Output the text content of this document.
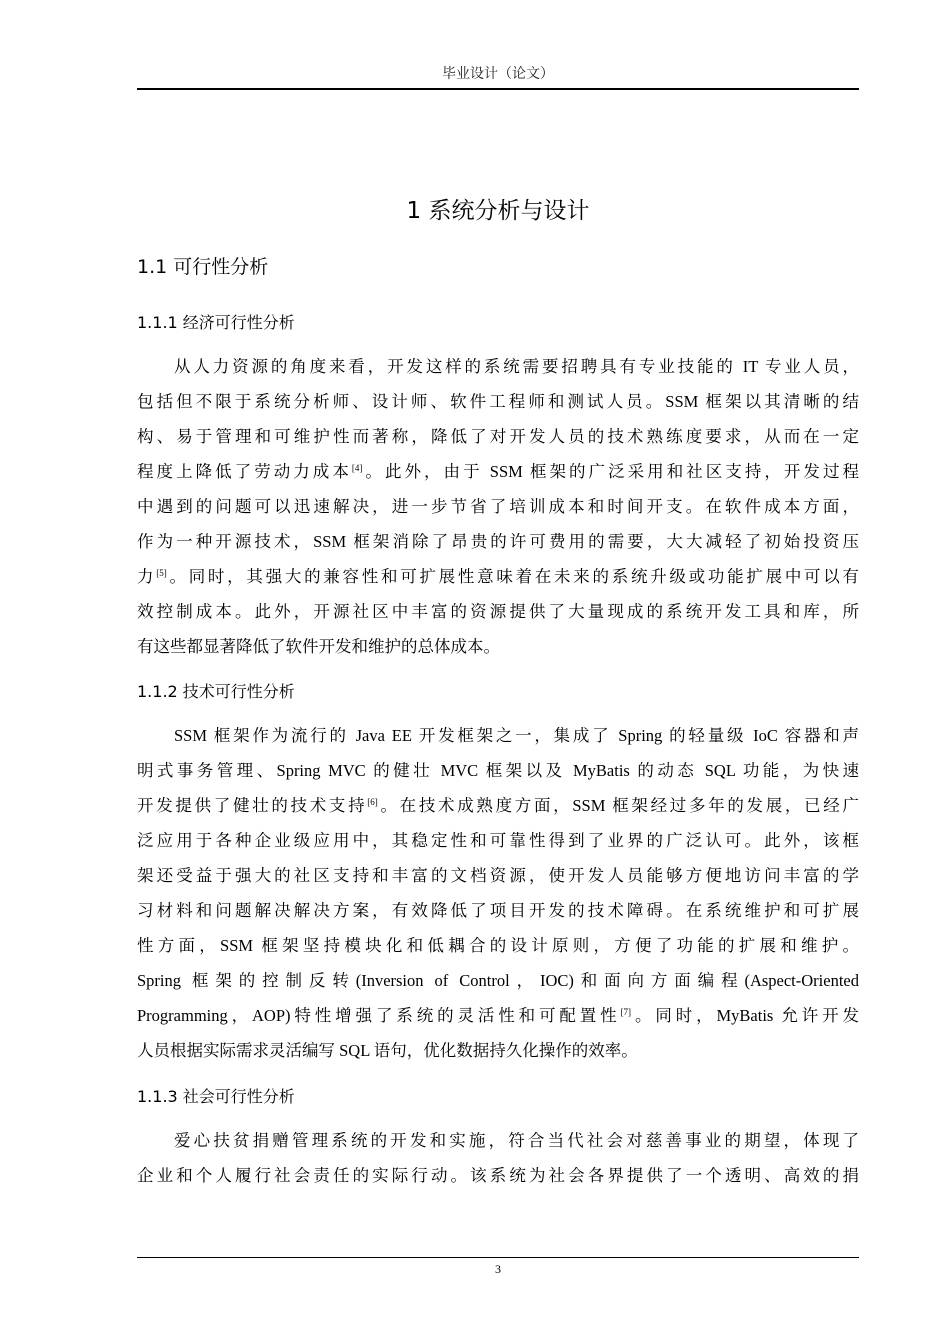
毕业设计（论文）
1 系统分析与设计
1.1 可行性分析
1.1.1 经济可行性分析
从人力资源的角度来看，开发这样的系统需要招聘具有专业技能的 IT 专业人员，
包括但不限于系统分析师、设计师、软件工程师和测试人员。SSM 框架以其清晰的结
构、易于管理和可维护性而著称，降低了对开发人员的技术熟练度要求，从而在一定
程度上降低了劳动力成本[4]。此外，由于 SSM 框架的广泛采用和社区支持，开发过程
中遇到的问题可以迅速解决，进一步节省了培训成本和时间开支。在软件成本方面，
作为一种开源技术，SSM 框架消除了昂贵的许可费用的需要，大大减轻了初始投资压
力[5]。同时，其强大的兼容性和可扩展性意味着在未来的系统升级或功能扩展中可以有
效控制成本。此外，开源社区中丰富的资源提供了大量现成的系统开发工具和库，所
有这些都显著降低了软件开发和维护的总体成本。
1.1.2 技术可行性分析
SSM 框架作为流行的 Java EE 开发框架之一，集成了 Spring 的轻量级 IoC 容器和声
明式事务管理、Spring MVC 的健壮 MVC 框架以及 MyBatis 的动态 SQL 功能，为快速
开发提供了健壮的技术支持[6]。在技术成熟度方面，SSM 框架经过多年的发展，已经广
泛应用于各种企业级应用中，其稳定性和可靠性得到了业界的广泛认可。此外，该框
架还受益于强大的社区支持和丰富的文档资源，使开发人员能够方便地访问丰富的学
习材料和问题解决解决方案，有效降低了项目开发的技术障碍。在系统维护和可扩展
性方面，SSM 框架坚持模块化和低耦合的设计原则，方便了功能的扩展和维护。
Spring 框架的控制反转(Inversion of Control，IOC)和面向方面编程(Aspect-Oriented
Programming，AOP)特性增强了系统的灵活性和可配置性[7]。同时，MyBatis 允许开发
人员根据实际需求灵活编写 SQL 语句，优化数据持久化操作的效率。
1.1.3 社会可行性分析
爱心扶贫捐赠管理系统的开发和实施，符合当代社会对慈善事业的期望，体现了
企业和个人履行社会责任的实际行动。该系统为社会各界提供了一个透明、高效的捐
3
